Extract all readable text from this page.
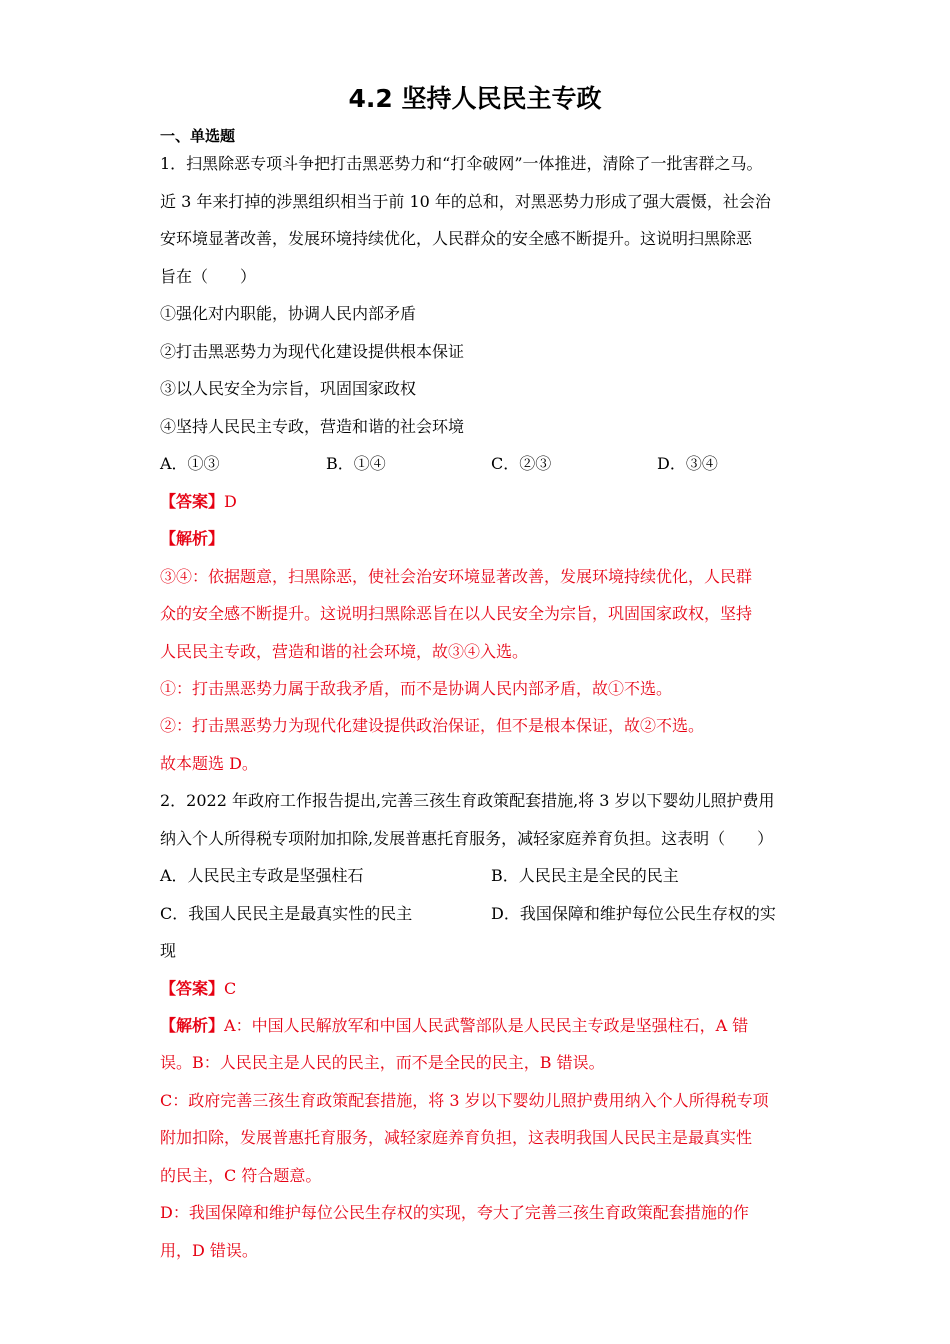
4.2 坚持人民民主专政
一、单选题
1．扫黑除恶专项斗争把打击黑恶势力和“打伞破网”一体推进，清除了一批害群之马。
近 3 年来打掉的涉黑组织相当于前 10 年的总和，对黑恶势力形成了强大震慑，社会治
安环境显著改善，发展环境持续优化，人民群众的安全感不断提升。这说明扫黑除恶
旨在（　　）
①强化对内职能，协调人民内部矛盾
②打击黑恶势力为现代化建设提供根本保证
③以人民安全为宗旨，巩固国家政权
④坚持人民民主专政，营造和谐的社会环境
A．①③	B．①④	C．②③	D．③④
【答案】D
【解析】
③④：依据题意，扫黑除恶，使社会治安环境显著改善，发展环境持续优化，人民群
众的安全感不断提升。这说明扫黑除恶旨在以人民安全为宗旨，巩固国家政权，坚持
人民民主专政，营造和谐的社会环境，故③④入选。
①：打击黑恶势力属于敌我矛盾，而不是协调人民内部矛盾，故①不选。
②：打击黑恶势力为现代化建设提供政治保证，但不是根本保证，故②不选。
故本题选 D。
2．2022 年政府工作报告提出,完善三孩生育政策配套措施,将 3 岁以下婴幼儿照护费用
纳入个人所得税专项附加扣除,发展普惠托育服务，减轻家庭养育负担。这表明（　　）
A．人民民主专政是坚强柱石	B．人民民主是全民的民主
C．我国人民民主是最真实性的民主	D．我国保障和维护每位公民生存权的实
现
【答案】C
【解析】A：中国人民解放军和中国人民武警部队是人民民主专政是坚强柱石，A 错
误。B：人民民主是人民的民主，而不是全民的民主，B 错误。
C：政府完善三孩生育政策配套措施，将 3 岁以下婴幼儿照护费用纳入个人所得税专项
附加扣除，发展普惠托育服务，减轻家庭养育负担，这表明我国人民民主是最真实性
的民主，C 符合题意。
D：我国保障和维护每位公民生存权的实现，夸大了完善三孩生育政策配套措施的作
用，D 错误。
